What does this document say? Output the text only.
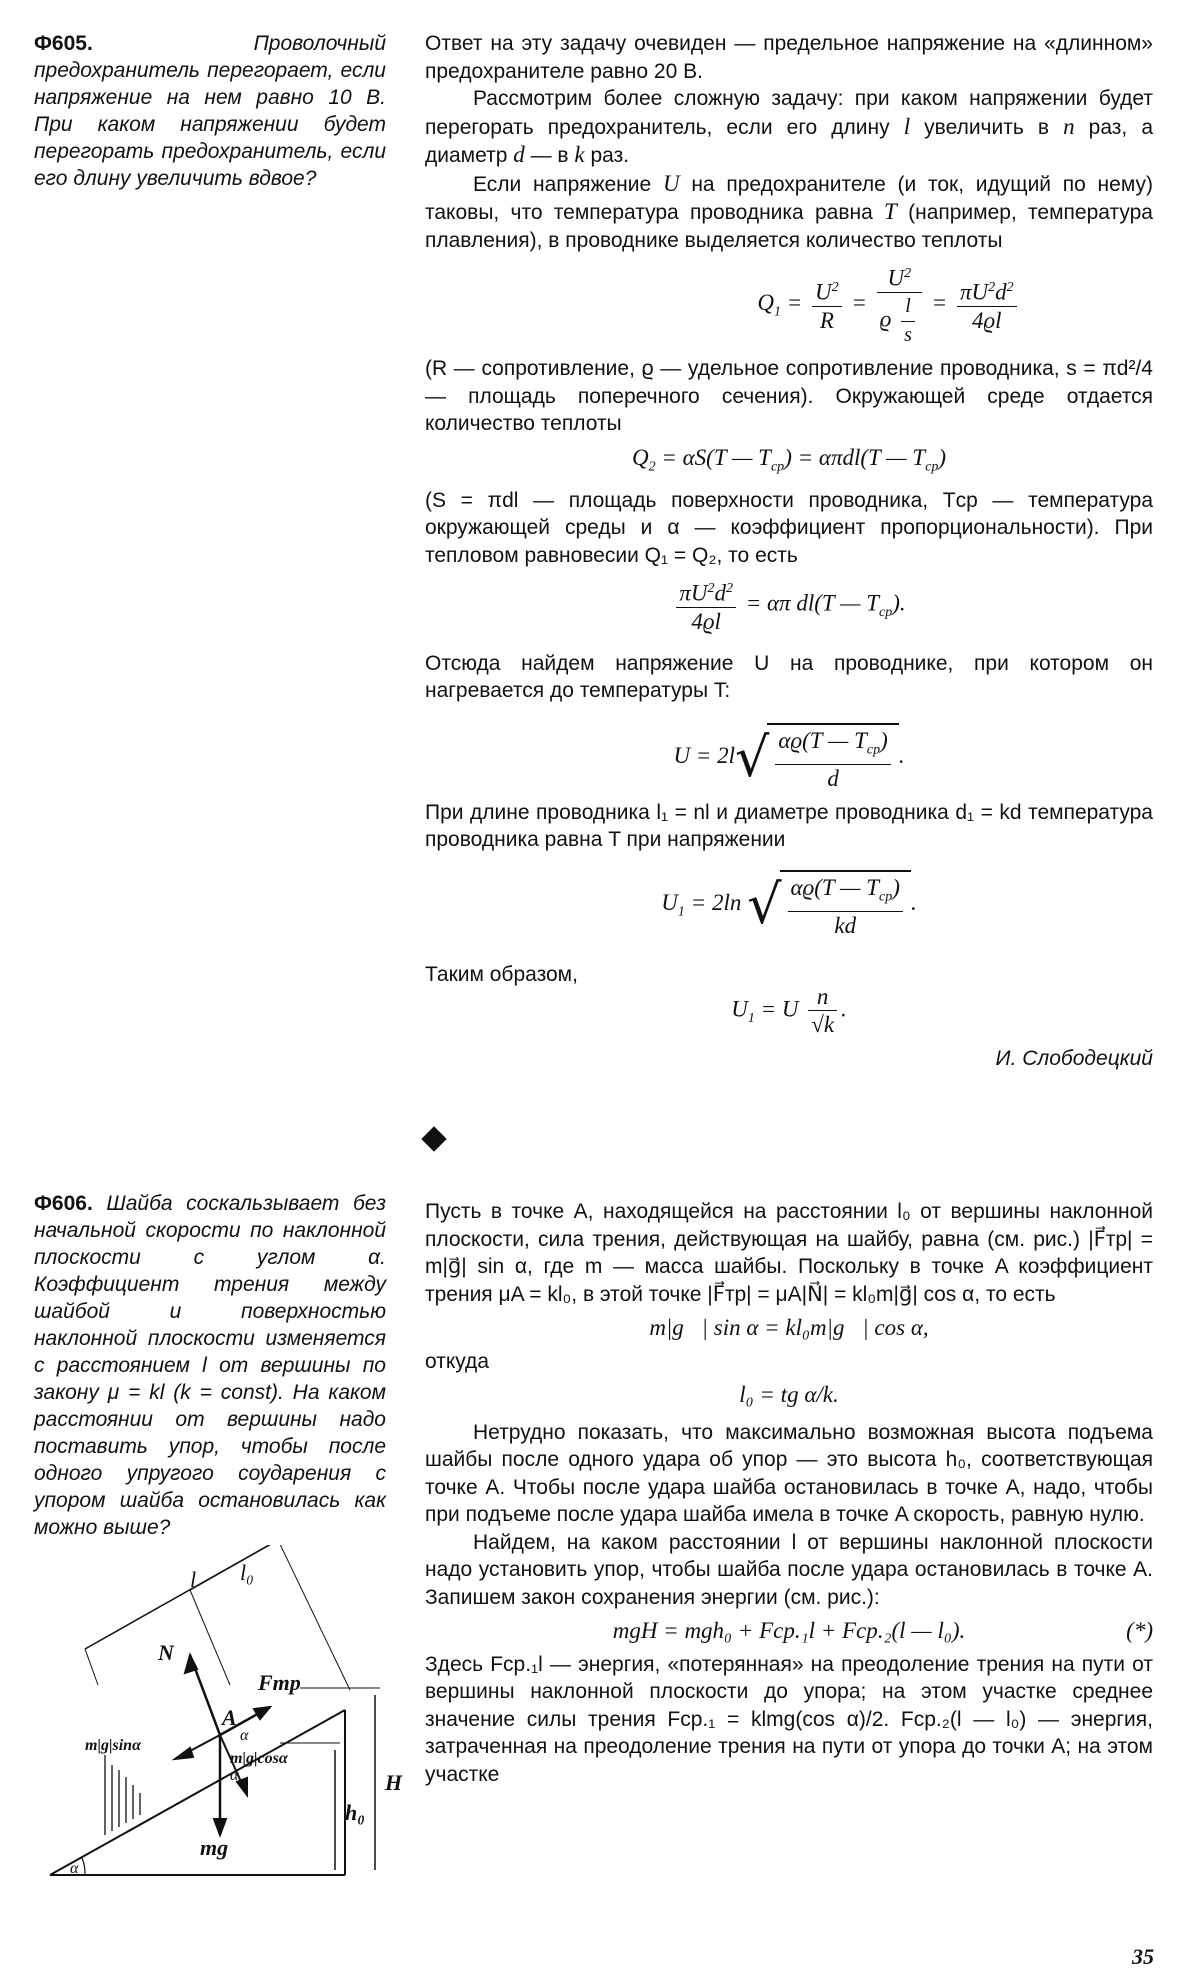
Ф605.	Проволочный предохранитель перегорает, если напряжение на нем равно 10 В. При каком напряжении будет перегорать предохранитель, если его длину увеличить вдвое?

Ответ на эту задачу очевиден — предельное напряжение на «длинном» предохранителе равно 20 В.

Рассмотрим более сложную задачу: при каком напряжении будет перегорать предохранитель, если его длину l увеличить в n раз, а диаметр d — в k раз.

Если напряжение U на предохранителе (и ток, идущий по нему) таковы, что температура проводника равна T (например, температура плавления), в проводнике выделяется количество теплоты

$Q_1 = \frac{U^2}{R} = \frac{U^2}{ϱ \frac{l}{s}} = \frac{\pi U^2d^2}{4ϱl}$

(R — сопротивление, ϱ — удельное сопротивление проводника, s = πd²/4 — площадь поперечного сечения). Окружающей среде отдается количество теплоты

$Q_2 = \alpha S(T$ — $T_{ср}) = \alpha\pi dl(T$ — $T_{ср}$)

(S = πdl — площадь поверхности проводника, Tср — температура окружающей среды и α — коэффициент пропорциональности). При тепловом равновесии Q₁ = Q₂, то есть

$\frac{\pi U^2d^2}{4ϱl} = \alpha\pi$ dl(T — $T_{ср}$).

Отсюда найдем напряжение U на проводнике, при котором он нагревается до температуры T:

$U = 2l√ \frac{\alpha ϱ(T — T_{ср})}{d}$ .

При длине проводника l₁ = nl и диаметре проводника d₁ = kd температура проводника равна T при напряжении

$U_1 = 2\ln$ √ $\frac{\alpha ϱ(T — T_{ср})}{kd}$ .

Таким образом,

$U_1 = U \frac{n}{√k}$ .

И. Слободецкий

Ф606. Шайба соскальзывает без начальной скорости по наклонной плоскости с углом α. Коэффициент трения между шайбой и поверхностью наклонной плоскости изменяется с расстоянием l от вершины по закону μ = kl (k = const). На каком расстоянии от вершины надо поставить упор, чтобы после одного упругого соударения с упором шайба остановилась как можно выше?
l l₀
N
Fтр
A
α
α
α
m|g|sinα
m|g|cosα
mg
H
h₀

Пусть в точке A, находящейся на расстоянии l₀ от вершины наклонной плоскости, сила трения, действующая на шайбу, равна (см. рис.) |F⃗тр| = m|g⃗| sin α, где m — масса шайбы. Поскольку в точке A коэффициент трения μA = kl₀, в этой точке |F⃗тр| = μA|N⃗| = kl₀m|g⃗| cos α, то есть

m|g⃗| sin α = kl₀m|g⃗| cos α,

откуда

l₀ = tg α/k.

Нетрудно показать, что максимально возможная высота подъема шайбы после одного удара об упор — это высота h₀, соответствующая точке A. Чтобы после удара шайба остановилась в точке A, надо, чтобы при подъеме после удара шайба имела в точке A скорость, равную нулю.

Найдем, на каком расстоянии l от вершины наклонной плоскости надо установить упор, чтобы шайба после удара остановилась в точке A. Запишем закон сохранения энергии (см. рис.):

mgH = mgh₀ + Fср.₁l + Fср.₂(l — l₀).	(*)

Здесь Fср.₁l — энергия, «потерянная» на преодоление трения на пути от вершины наклонной плоскости до упора; на этом участке среднее значение силы трения Fср.₁ = klmg(cos α)/2. Fср.₂(l — l₀) — энергия, затраченная на преодоление трения на пути от упора до точки A; на этом участке

35
